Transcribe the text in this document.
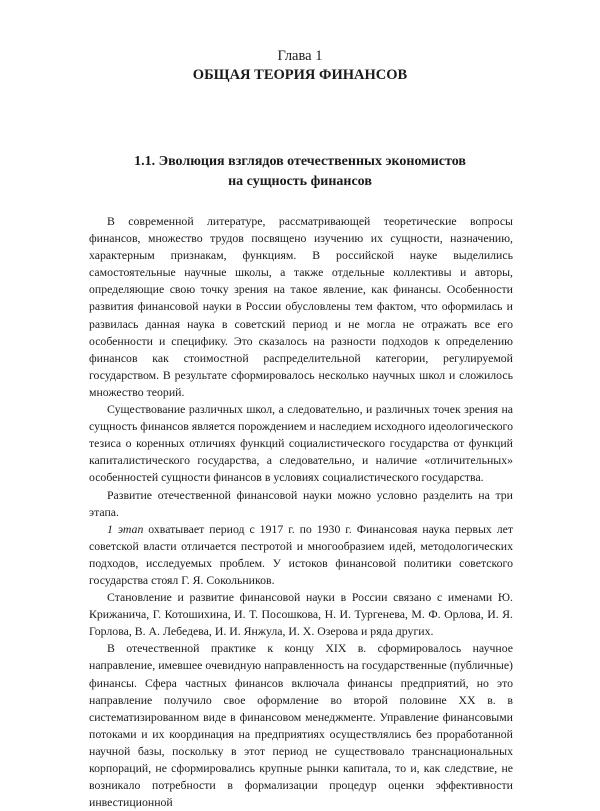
Глава 1
ОБЩАЯ ТЕОРИЯ ФИНАНСОВ
1.1. Эволюция взглядов отечественных экономистов
на сущность финансов

В современной литературе, рассматривающей теоретические вопросы финансов, множество трудов посвящено изучению их сущности, назначению, характерным признакам, функциям. В российской науке выделились самостоятельные научные школы, а также отдельные коллективы и авторы, определяющие свою точку зрения на такое явление, как финансы. Особенности развития финансовой науки в России обусловлены тем фактом, что оформилась и развилась данная наука в советский период и не могла не отражать все его особенности и специфику. Это сказалось на разности подходов к определению финансов как стоимостной распределительной категории, регулируемой государством. В результате сформировалось несколько научных школ и сложилось множество теорий.

Существование различных школ, а следовательно, и различных точек зрения на сущность финансов является порождением и наследием исходного идеологического тезиса о коренных отличиях функций социалистического государства от функций капиталистического государства, а следовательно, и наличие «отличительных» особенностей сущности финансов в условиях социалистического государства.

Развитие отечественной финансовой науки можно условно разделить на три этапа.

1 этап охватывает период с 1917 г. по 1930 г. Финансовая наука первых лет советской власти отличается пестротой и многообразием идей, методологических подходов, исследуемых проблем. У истоков финансовой политики советского государства стоял Г. Я. Сокольников.

Становление и развитие финансовой науки в России связано с именами Ю. Крижанича, Г. Котошихина, И. Т. Посошкова, Н. И. Тургенева, М. Ф. Орлова, И. Я. Горлова, В. А. Лебедева, И. И. Янжула, И. Х. Озерова и ряда других.

В отечественной практике к концу XIX в. сформировалось научное направление, имевшее очевидную направленность на государственные (публичные) финансы. Сфера частных финансов включала финансы предприятий, но это направление получило свое оформление во второй половине XX в. в систематизированном виде в финансовом менеджменте. Управление финансовыми потоками и их координация на предприятиях осуществлялись без проработанной научной базы, поскольку в этот период не существовало транснациональных корпораций, не сформировались крупные рынки капитала, то и, как следствие, не возникало потребности в формализации процедур оценки эффективности инвестиционной
